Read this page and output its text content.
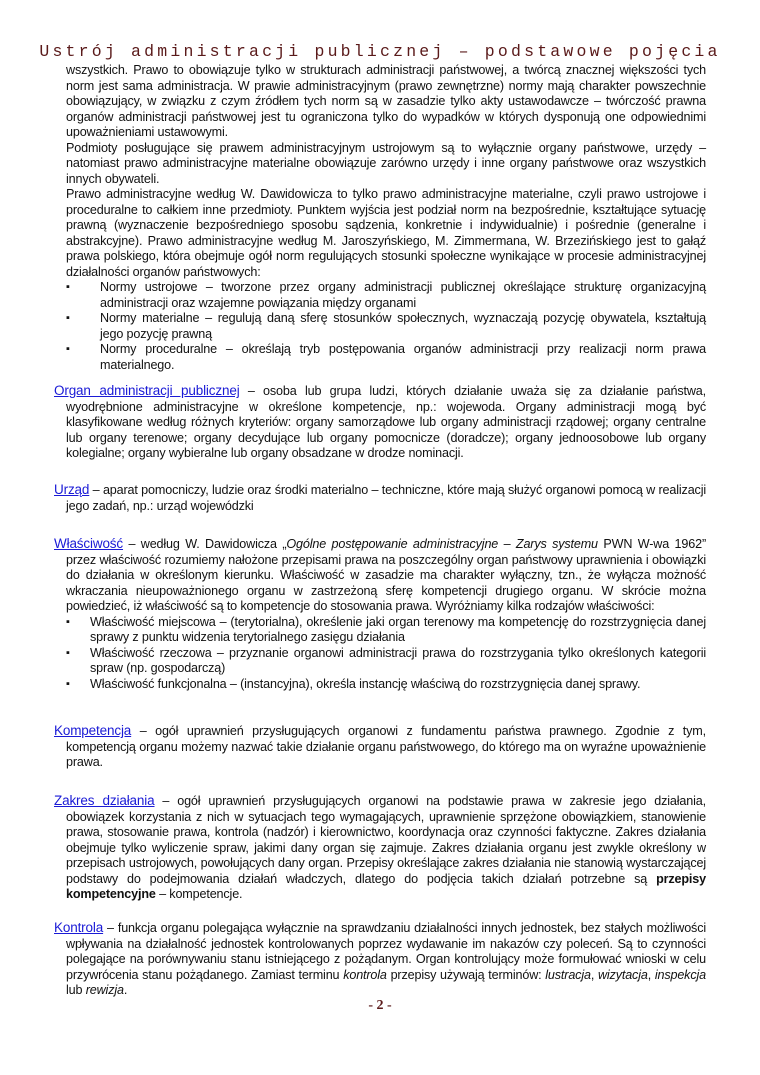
Ustrój administracji publicznej – podstawowe pojęcia

wszystkich. Prawo to obowiązuje tylko w strukturach administracji państwowej, a twórcą znacznej większości tych norm jest sama administracja. W prawie administracyjnym (prawo zewnętrzne) normy mają charakter powszechnie obowiązujący, w związku z czym źródłem tych norm są w zasadzie tylko akty ustawodawcze – twórczość prawna organów administracji państwowej jest tu ograniczona tylko do wypadków w których dysponują one odpowiednimi upoważnieniami ustawowymi.

Podmioty posługujące się prawem administracyjnym ustrojowym są to wyłącznie organy państwowe, urzędy – natomiast prawo administracyjne materialne obowiązuje zarówno urzędy i inne organy państwowe oraz wszystkich innych obywateli.

Prawo administracyjne według W. Dawidowicza to tylko prawo administracyjne materialne, czyli prawo ustrojowe i proceduralne to całkiem inne przedmioty. Punktem wyjścia jest podział norm na bezpośrednie, kształtujące sytuację prawną (wyznaczenie bezpośredniego sposobu sądzenia, konkretnie i indywidualnie) i pośrednie (generalne i abstrakcyjne). Prawo administracyjne według M. Jaroszyńskiego, M. Zimmermana, W. Brzezińskiego jest to gałąź prawa polskiego, która obejmuje ogół norm regulujących stosunki społeczne wynikające w procesie administracyjnej działalności organów państwowych:

▪ Normy ustrojowe – tworzone przez organy administracji publicznej określające strukturę organizacyjną administracji oraz wzajemne powiązania między organami
▪ Normy materialne – regulują daną sferę stosunków społecznych, wyznaczają pozycję obywatela, kształtują jego pozycję prawną
▪ Normy proceduralne – określają tryb postępowania organów administracji przy realizacji norm prawa materialnego.

Organ administracji publicznej – osoba lub grupa ludzi, których działanie uważa się za działanie państwa, wyodrębnione administracyjne w określone kompetencje, np.: wojewoda. Organy administracji mogą być klasyfikowane według różnych kryteriów: organy samorządowe lub organy administracji rządowej; organy centralne lub organy terenowe; organy decydujące lub organy pomocnicze (doradcze); organy jednoosobowe lub organy kolegialne; organy wybieralne lub organy obsadzane w drodze nominacji.

Urząd – aparat pomocniczy, ludzie oraz środki materialno – techniczne, które mają służyć organowi pomocą w realizacji jego zadań, np.: urząd wojewódzki

Właściwość – według W. Dawidowicza „Ogólne postępowanie administracyjne – Zarys systemu PWN W-wa 1962” przez właściwość rozumiemy nałożone przepisami prawa na poszczególny organ państwowy uprawnienia i obowiązki do działania w określonym kierunku. Właściwość w zasadzie ma charakter wyłączny, tzn., że wyłącza możność wkraczania nieupoważnionego organu w zastrzeżoną sferę kompetencji drugiego organu. W skrócie można powiedzieć, iż właściwość są to kompetencje do stosowania prawa. Wyróżniamy kilka rodzajów właściwości:

▪ Właściwość miejscowa – (terytorialna), określenie jaki organ terenowy ma kompetencję do rozstrzygnięcia danej sprawy z punktu widzenia terytorialnego zasięgu działania
▪ Właściwość rzeczowa – przyznanie organowi administracji prawa do rozstrzygania tylko określonych kategorii spraw (np. gospodarczą)
▪ Właściwość funkcjonalna – (instancyjna), określa instancję właściwą do rozstrzygnięcia danej sprawy.

Kompetencja – ogół uprawnień przysługujących organowi z fundamentu państwa prawnego. Zgodnie z tym, kompetencją organu możemy nazwać takie działanie organu państwowego, do którego ma on wyraźne upoważnienie prawa.

Zakres działania – ogół uprawnień przysługujących organowi na podstawie prawa w zakresie jego działania, obowiązek korzystania z nich w sytuacjach tego wymagających, uprawnienie sprzężone obowiązkiem, stanowienie prawa, stosowanie prawa, kontrola (nadzór) i kierownictwo, koordynacja oraz czynności faktyczne. Zakres działania obejmuje tylko wyliczenie spraw, jakimi dany organ się zajmuje. Zakres działania organu jest zwykle określony w przepisach ustrojowych, powołujących dany organ. Przepisy określające zakres działania nie stanowią wystarczającej podstawy do podejmowania działań władczych, dlatego do podjęcia takich działań potrzebne są przepisy kompetencyjne – kompetencje.

Kontrola – funkcja organu polegająca wyłącznie na sprawdzaniu działalności innych jednostek, bez stałych możliwości wpływania na działalność jednostek kontrolowanych poprzez wydawanie im nakazów czy poleceń. Są to czynności polegające na porównywaniu stanu istniejącego z pożądanym. Organ kontrolujący może formułować wnioski w celu przywrócenia stanu pożądanego. Zamiast terminu kontrola przepisy używają terminów: lustracja, wizytacja, inspekcja lub rewizja.

- 2 -
